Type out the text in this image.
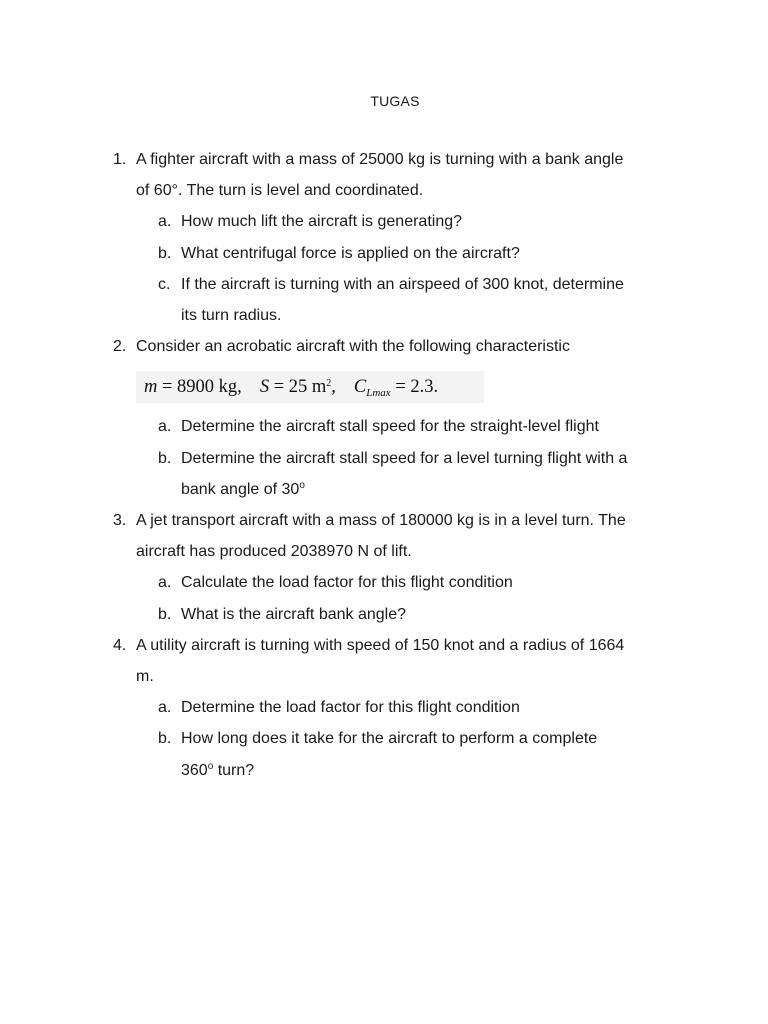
TUGAS
1. A fighter aircraft with a mass of 25000 kg is turning with a bank angle
of 60°. The turn is level and coordinated.
a. How much lift the aircraft is generating?
b. What centrifugal force is applied on the aircraft?
c. If the aircraft is turning with an airspeed of 300 knot, determine
its turn radius.
2. Consider an acrobatic aircraft with the following characteristic
m = 8900 kg, S = 25 $m^2$, $C_{Lmax} = 2.3$.
a. Determine the aircraft stall speed for the straight-level flight
b. Determine the aircraft stall speed for a level turning flight with a
bank angle of 30$^o$
3. A jet transport aircraft with a mass of 180000 kg is in a level turn. The
aircraft has produced 2038970 N of lift.
a. Calculate the load factor for this flight condition
b. What is the aircraft bank angle?
4. A utility aircraft is turning with speed of 150 knot and a radius of 1664
m.
a. Determine the load factor for this flight condition
b. How long does it take for the aircraft to perform a complete
360$^o$ turn?
